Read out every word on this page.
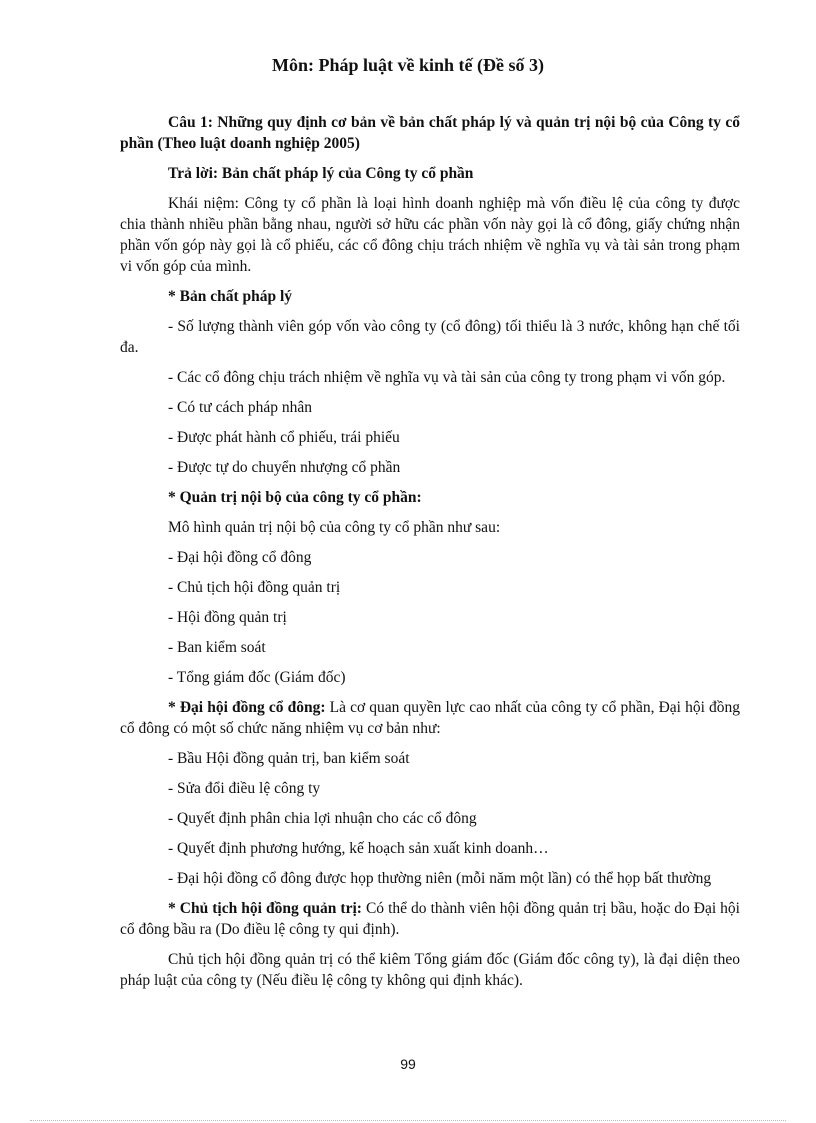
Môn: Pháp luật về kinh tế (Đề số 3)

Câu 1: Những quy định cơ bản về bản chất pháp lý và quản trị nội bộ của Công ty cổ phần (Theo luật doanh nghiệp 2005)

Trả lời: Bản chất pháp lý của Công ty cổ phần

Khái niệm: Công ty cổ phần là loại hình doanh nghiệp mà vốn điều lệ của công ty được chia thành nhiều phần bằng nhau, người sở hữu các phần vốn này gọi là cổ đông, giấy chứng nhận phần vốn góp này gọi là cổ phiếu, các cổ đông chịu trách nhiệm về nghĩa vụ và tài sản trong phạm vi vốn góp của mình.

* Bản chất pháp lý

- Số lượng thành viên góp vốn vào công ty (cổ đông) tối thiểu là 3 nước, không hạn chế tối đa.

- Các cổ đông chịu trách nhiệm về nghĩa vụ và tài sản của công ty trong phạm vi vốn góp.

- Có tư cách pháp nhân

- Được phát hành cổ phiếu, trái phiếu

- Được tự do chuyển nhượng cổ phần

* Quản trị nội bộ của công ty cổ phần:

Mô hình quản trị nội bộ của công ty cổ phần như sau:

- Đại hội đồng cổ đông

- Chủ tịch hội đồng quản trị

- Hội đồng quản trị

- Ban kiểm soát

- Tổng giám đốc (Giám đốc)

* Đại hội đồng cổ đông: Là cơ quan quyền lực cao nhất của công ty cổ phần, Đại hội đồng cổ đông có một số chức năng nhiệm vụ cơ bản như:

- Bầu Hội đồng quản trị, ban kiểm soát

- Sửa đổi điều lệ công ty

- Quyết định phân chia lợi nhuận cho các cổ đông

- Quyết định phương hướng, kế hoạch sản xuất kinh doanh…

- Đại hội đồng cổ đông được họp thường niên (mỗi năm một lần) có thể họp bất thường

* Chủ tịch hội đồng quản trị: Có thể do thành viên hội đồng quản trị bầu, hoặc do Đại hội cổ đông bầu ra (Do điều lệ công ty qui định).

Chủ tịch hội đồng quản trị có thể kiêm Tổng giám đốc (Giám đốc công ty), là đại diện theo pháp luật của công ty (Nếu điều lệ công ty không qui định khác).

99
